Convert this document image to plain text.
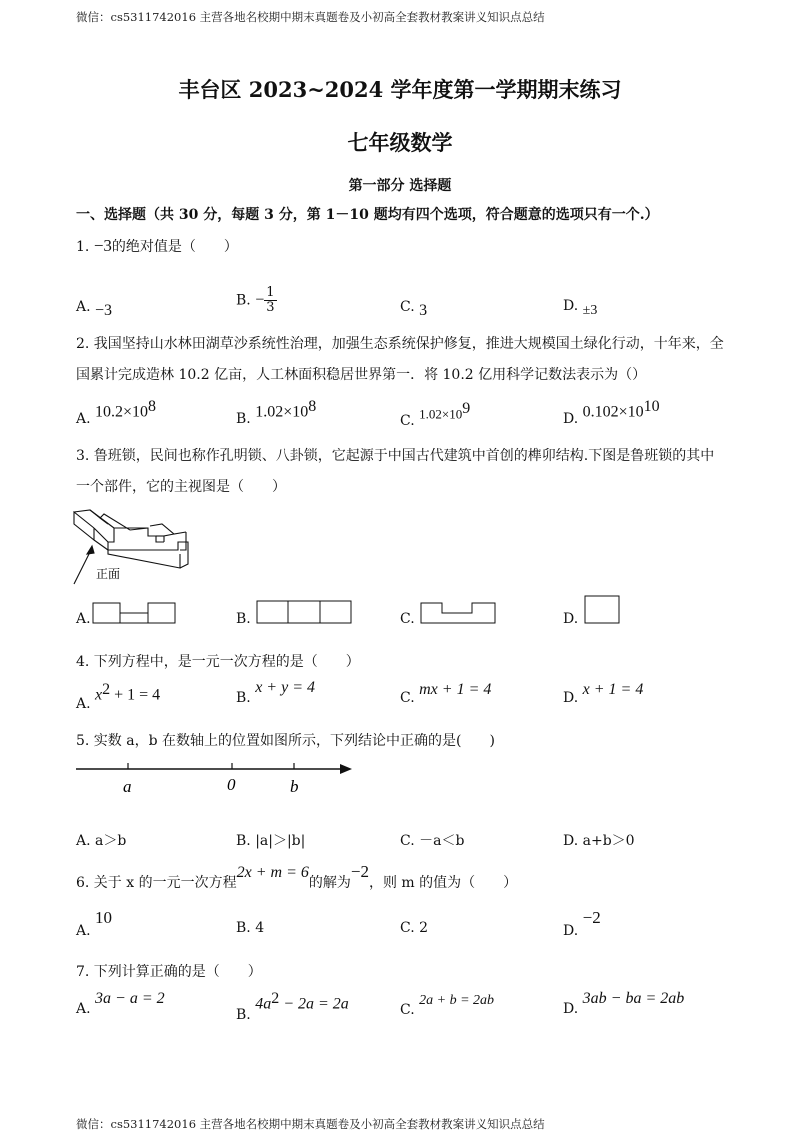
微信：cs5311742016 主营各地名校期中期末真题卷及小初高全套教材教案讲义知识点总结
丰台区 2023~2024 学年度第一学期期末练习
七年级数学
第一部分 选择题
一、选择题（共 30 分，每题 3 分，第 1－10 题均有四个选项，符合题意的选项只有一个.）
1. −3的绝对值是（　　）
A. −3
B. − $\frac{1}{3}$	C. 3	D. ±3
2. 我国坚持山水林田湖草沙系统性治理，加强生态系统保护修复，推进大规模国土绿化行动，十年来，全国累计完成造林 10.2 亿亩，人工林面积稳居世界第一．将 10.2 亿用科学记数法表示为（）
A. $10.2\times 10^8$
B. $1.02\times 10^8$
C. $1.02\times 10^9$
D. $0.102\times 10^{10}$
3. 鲁班锁，民间也称作孔明锁、八卦锁，它起源于中国古代建筑中首创的榫卯结构.下图是鲁班锁的其中一个部件，它的主视图是（　　）
正面
A.	B.	C.	D.
4. 下列方程中，是一元一次方程的是（　　）
A. $x^2 + 1 = 4$	B. x + y = 4
C. mx + 1 = 4	D. x + 1 = 4
5. 实数 a，b 在数轴上的位置如图所示，下列结论中正确的是(　　)
a	0	b
A. a＞b	B. |a|＞|b|	C. －a＜b	D. a+b＞0
6. 关于 x 的一元一次方程2x + m = 6的解为−2，则 m 的值为（　　）
A. 10
B. 4	C. 2	D. −2
7. 下列计算正确的是（　　）
A. 3a − a = 2
B. $4a^2 - 2a = 2a$	C. 2a + b = 2ab
D. 3ab − ba = 2ab
微信：cs5311742016 主营各地名校期中期末真题卷及小初高全套教材教案讲义知识点总结
